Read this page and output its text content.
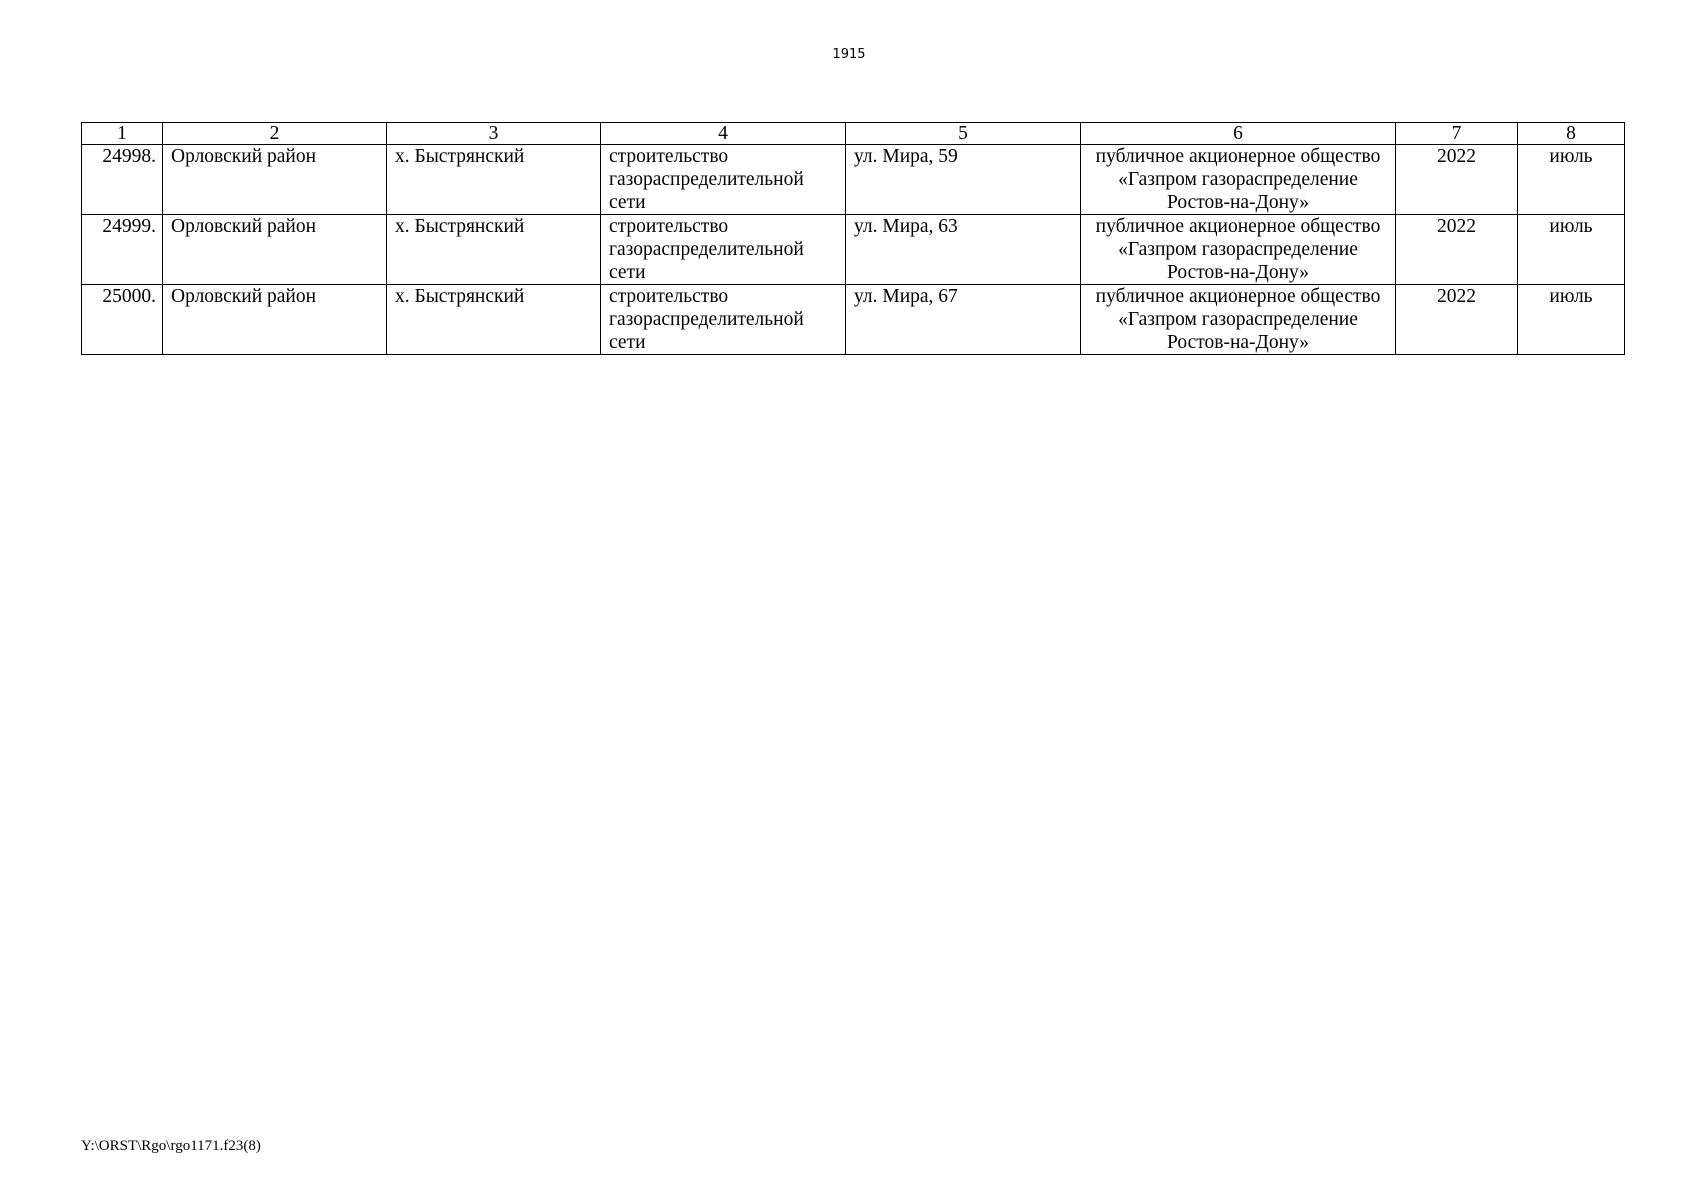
1915
1	2	3	4	5	6	7	8
24998.	Орловский район	х. Быстрянский	строительство
газораспределительной
сети	ул. Мира, 59	публичное акционерное общество
«Газпром газораспределение
Ростов-на-Дону»	2022	июль
24999.	Орловский район	х. Быстрянский	строительство
газораспределительной
сети	ул. Мира, 63	публичное акционерное общество
«Газпром газораспределение
Ростов-на-Дону»	2022	июль
25000.	Орловский район	х. Быстрянский	строительство
газораспределительной
сети	ул. Мира, 67	публичное акционерное общество
«Газпром газораспределение
Ростов-на-Дону»	2022	июль
Y:\ORST\Rgo\rgo1171.f23(8)
